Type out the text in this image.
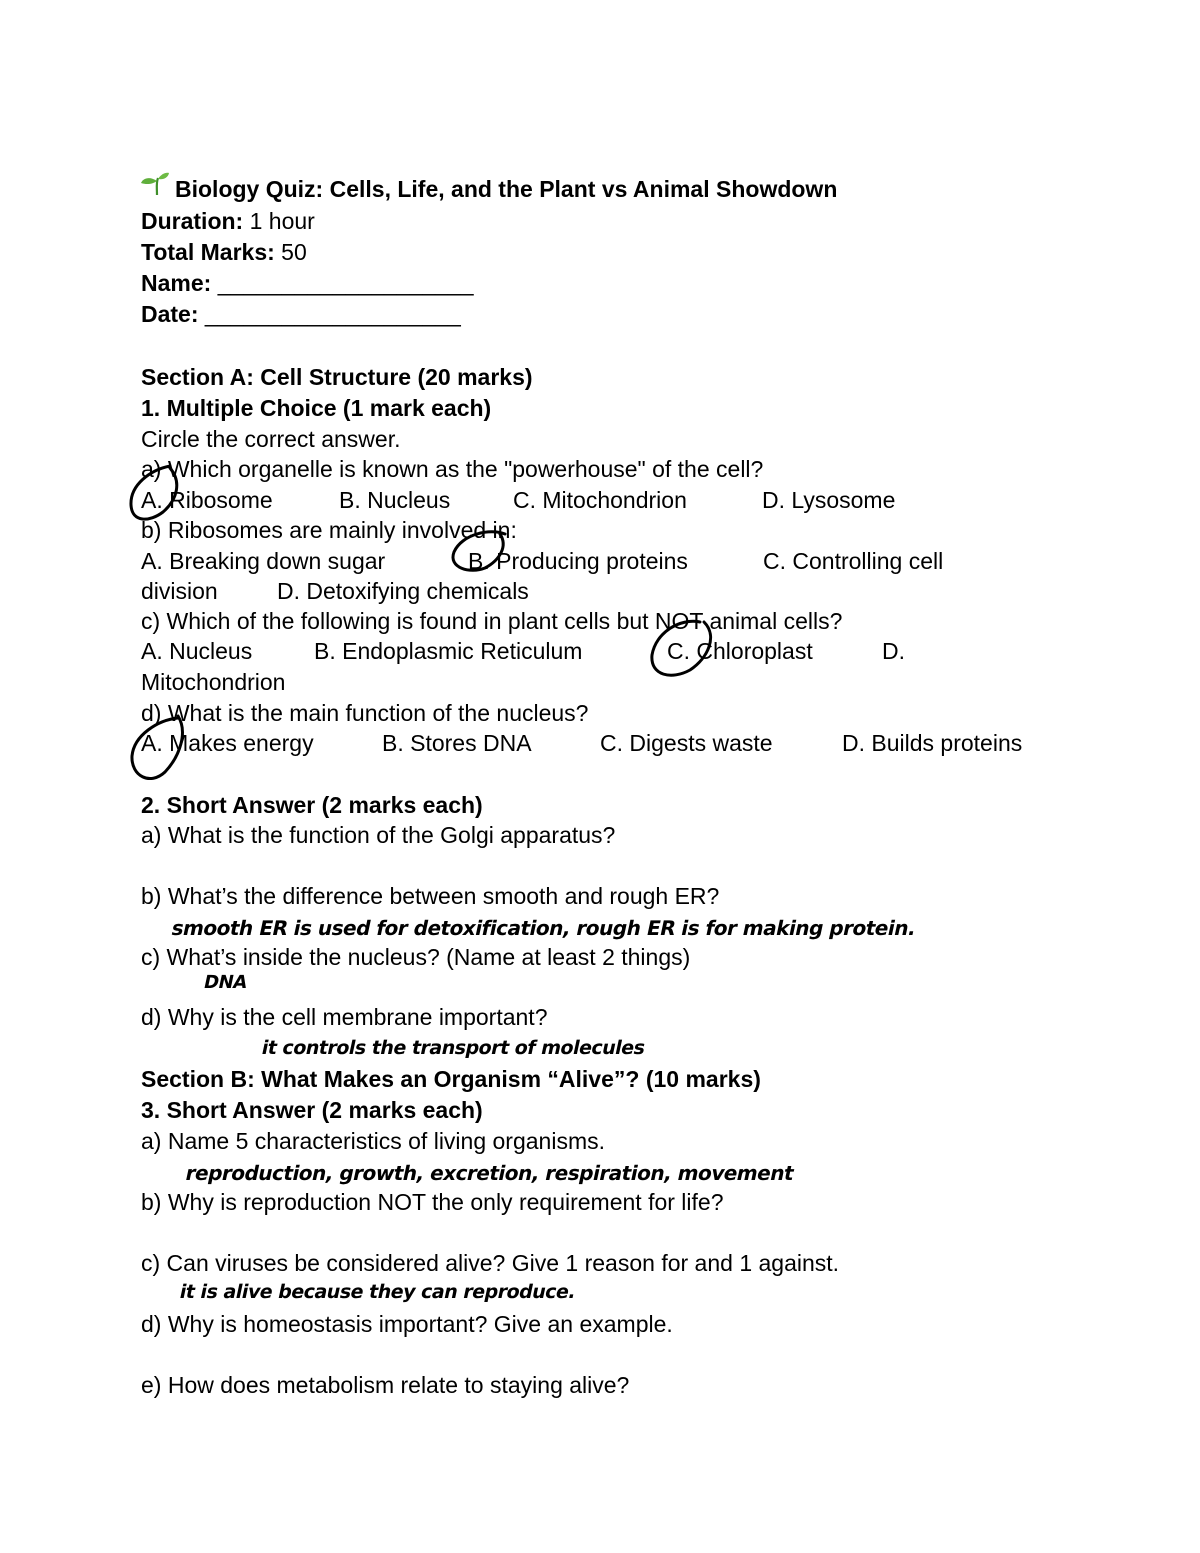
Biology Quiz: Cells, Life, and the Plant vs Animal Showdown
Duration: 1 hour
Total Marks: 50
Name: ____________________
Date: ____________________
Section A: Cell Structure (20 marks)
1. Multiple Choice (1 mark each)
Circle the correct answer.
a) Which organelle is known as the "powerhouse" of the cell?
A. Ribosome	B. Nucleus	C. Mitochondrion	D. Lysosome
b) Ribosomes are mainly involved in:
A. Breaking down sugar	B. Producing proteins	C. Controlling cell
division	D. Detoxifying chemicals
c) Which of the following is found in plant cells but NOT animal cells?
A. Nucleus	B. Endoplasmic Reticulum	C. Chloroplast	D.
Mitochondrion
d) What is the main function of the nucleus?
A. Makes energy	B. Stores DNA	C. Digests waste	D. Builds proteins
2. Short Answer (2 marks each)
a) What is the function of the Golgi apparatus?
b) What’s the difference between smooth and rough ER?
smooth ER is used for detoxification, rough ER is for making protein.
c) What’s inside the nucleus? (Name at least 2 things)
DNA
d) Why is the cell membrane important?
it controls the transport of molecules
Section B: What Makes an Organism “Alive”? (10 marks)
3. Short Answer (2 marks each)
a) Name 5 characteristics of living organisms.
reproduction, growth, excretion, respiration, movement
b) Why is reproduction NOT the only requirement for life?
c) Can viruses be considered alive? Give 1 reason for and 1 against.
it is alive because they can reproduce.
d) Why is homeostasis important? Give an example.
e) How does metabolism relate to staying alive?
